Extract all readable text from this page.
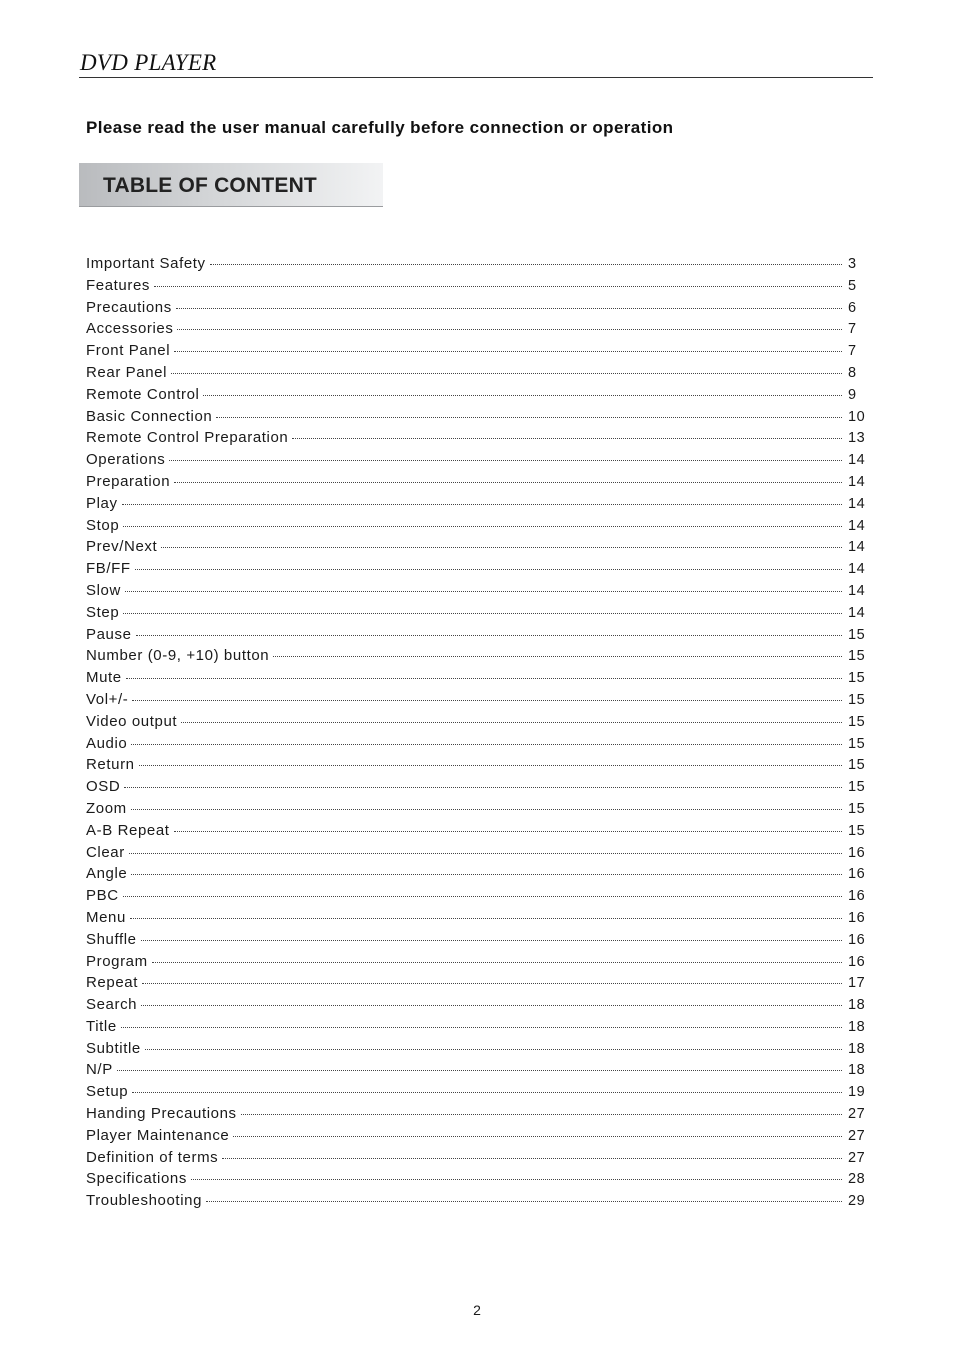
DVD PLAYER
Please read the user manual carefully before connection or operation
TABLE OF CONTENT
Important Safety	3
Features	5
Precautions	6
Accessories	7
Front Panel	7
Rear Panel	8
Remote Control	9
Basic Connection	10
Remote Control Preparation	13
Operations	14
Preparation	14
Play	14
Stop	14
Prev/Next	14
FB/FF	14
Slow	14
Step	14
Pause	15
Number (0-9, +10) button	15
Mute	15
Vol+/-	15
Video output	15
Audio	15
Return	15
OSD	15
Zoom	15
A-B Repeat	15
Clear	16
Angle	16
PBC	16
Menu	16
Shuffle	16
Program	16
Repeat	17
Search	18
Title	18
Subtitle	18
N/P	18
Setup	19
Handing Precautions	27
Player Maintenance	27
Definition of terms	27
Specifications	28
Troubleshooting	29
2
